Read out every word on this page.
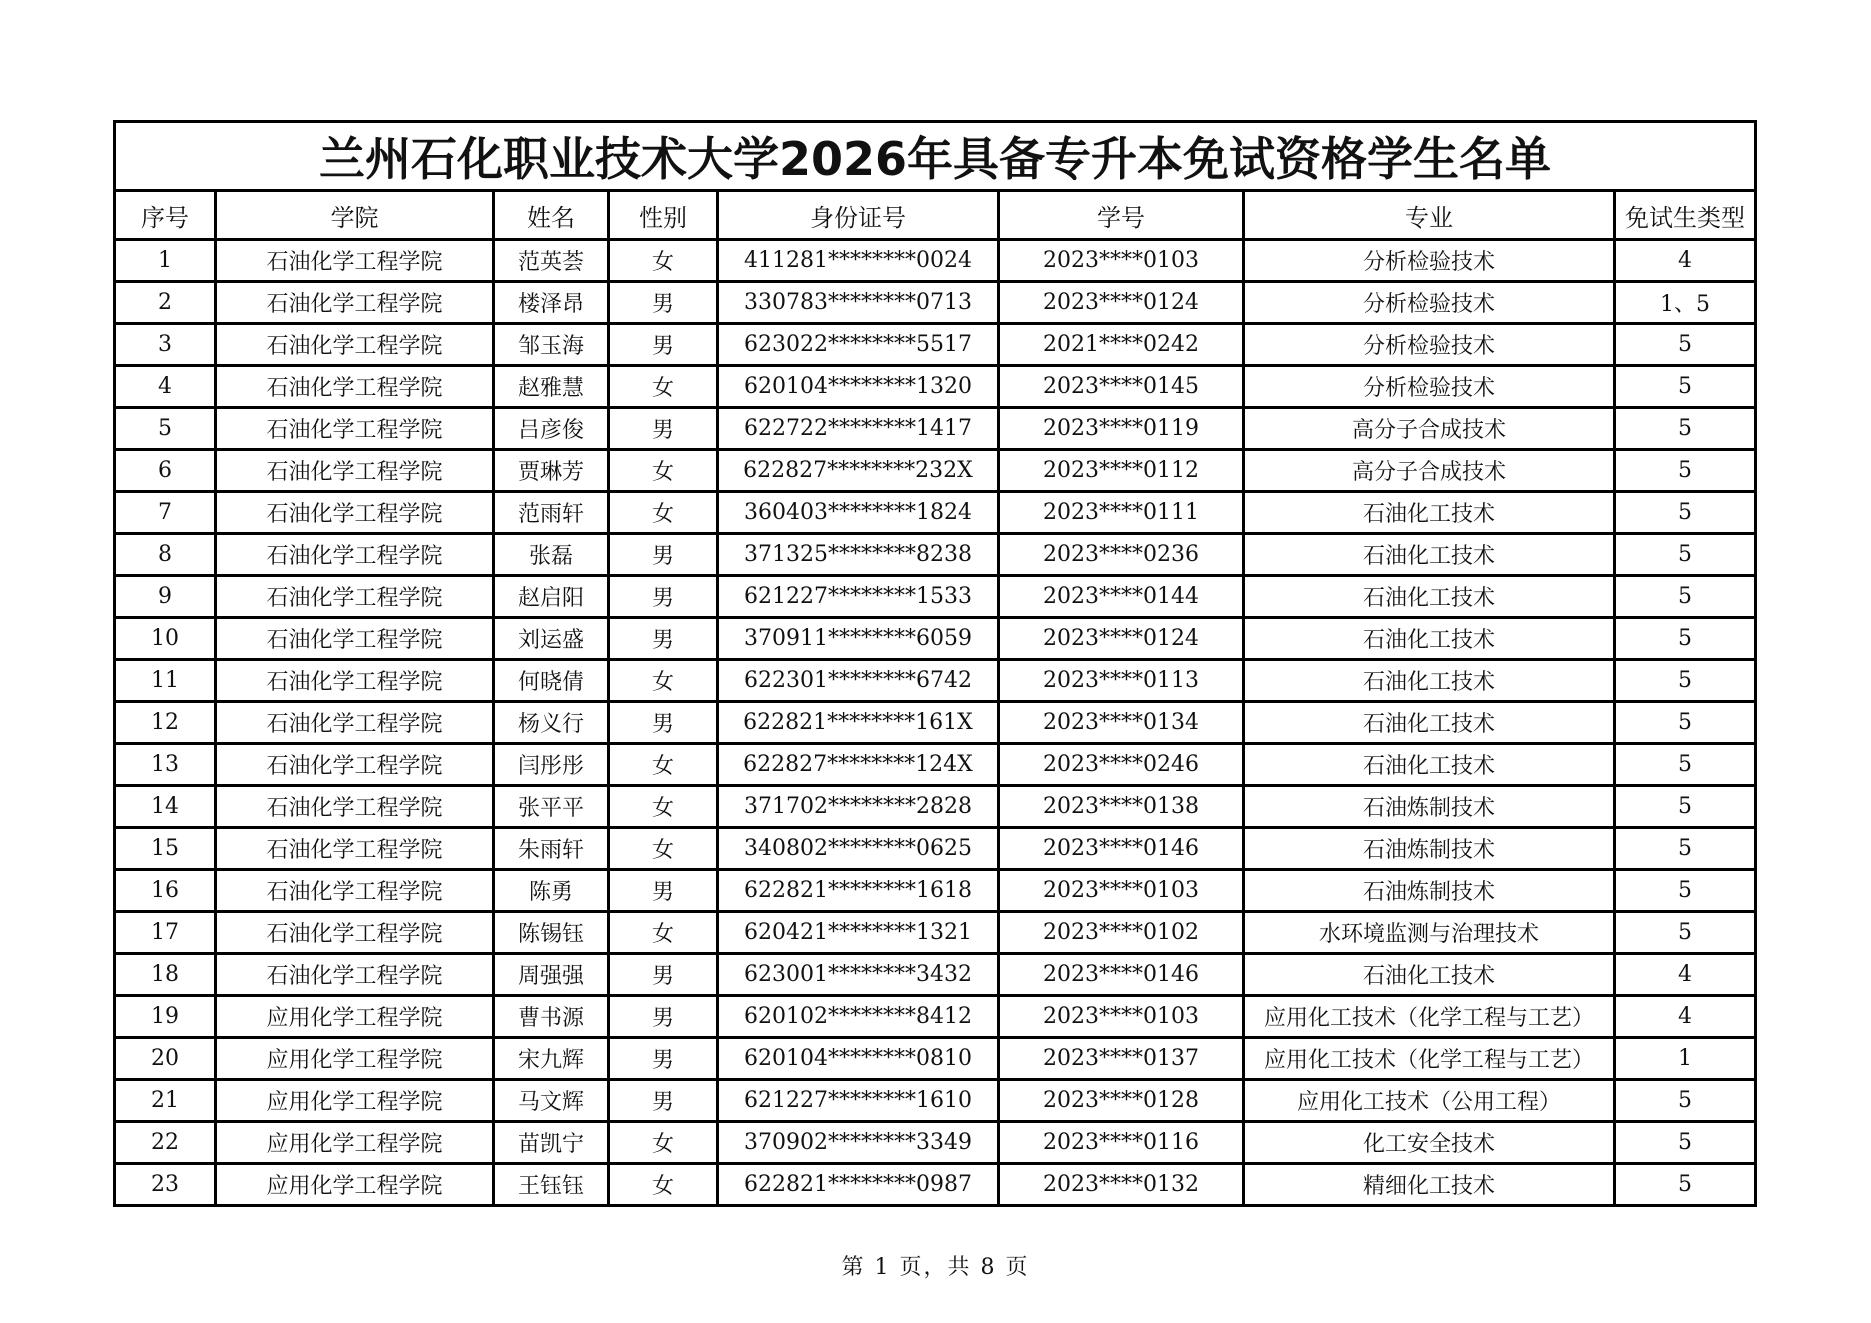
兰州石化职业技术大学2026年具备专升本免试资格学生名单							
序号	学院	姓名	性别	身份证号	学号	专业	免试生类型
1	石油化学工程学院	范英荟	女	411281********0024	2023****0103	分析检验技术	4
2	石油化学工程学院	楼泽昂	男	330783********0713	2023****0124	分析检验技术	1、5
3	石油化学工程学院	邹玉海	男	623022********5517	2021****0242	分析检验技术	5
4	石油化学工程学院	赵雅慧	女	620104********1320	2023****0145	分析检验技术	5
5	石油化学工程学院	吕彦俊	男	622722********1417	2023****0119	高分子合成技术	5
6	石油化学工程学院	贾琳芳	女	622827********232X	2023****0112	高分子合成技术	5
7	石油化学工程学院	范雨轩	女	360403********1824	2023****0111	石油化工技术	5
8	石油化学工程学院	张磊	男	371325********8238	2023****0236	石油化工技术	5
9	石油化学工程学院	赵启阳	男	621227********1533	2023****0144	石油化工技术	5
10	石油化学工程学院	刘运盛	男	370911********6059	2023****0124	石油化工技术	5
11	石油化学工程学院	何晓倩	女	622301********6742	2023****0113	石油化工技术	5
12	石油化学工程学院	杨义行	男	622821********161X	2023****0134	石油化工技术	5
13	石油化学工程学院	闫彤彤	女	622827********124X	2023****0246	石油化工技术	5
14	石油化学工程学院	张平平	女	371702********2828	2023****0138	石油炼制技术	5
15	石油化学工程学院	朱雨轩	女	340802********0625	2023****0146	石油炼制技术	5
16	石油化学工程学院	陈勇	男	622821********1618	2023****0103	石油炼制技术	5
17	石油化学工程学院	陈锡钰	女	620421********1321	2023****0102	水环境监测与治理技术	5
18	石油化学工程学院	周强强	男	623001********3432	2023****0146	石油化工技术	4
19	应用化学工程学院	曹书源	男	620102********8412	2023****0103	应用化工技术（化学工程与工艺）	4
20	应用化学工程学院	宋九辉	男	620104********0810	2023****0137	应用化工技术（化学工程与工艺）	1
21	应用化学工程学院	马文辉	男	621227********1610	2023****0128	应用化工技术（公用工程）	5
22	应用化学工程学院	苗凯宁	女	370902********3349	2023****0116	化工安全技术	5
23	应用化学工程学院	王钰钰	女	622821********0987	2023****0132	精细化工技术	5
第 1 页，共 8 页
